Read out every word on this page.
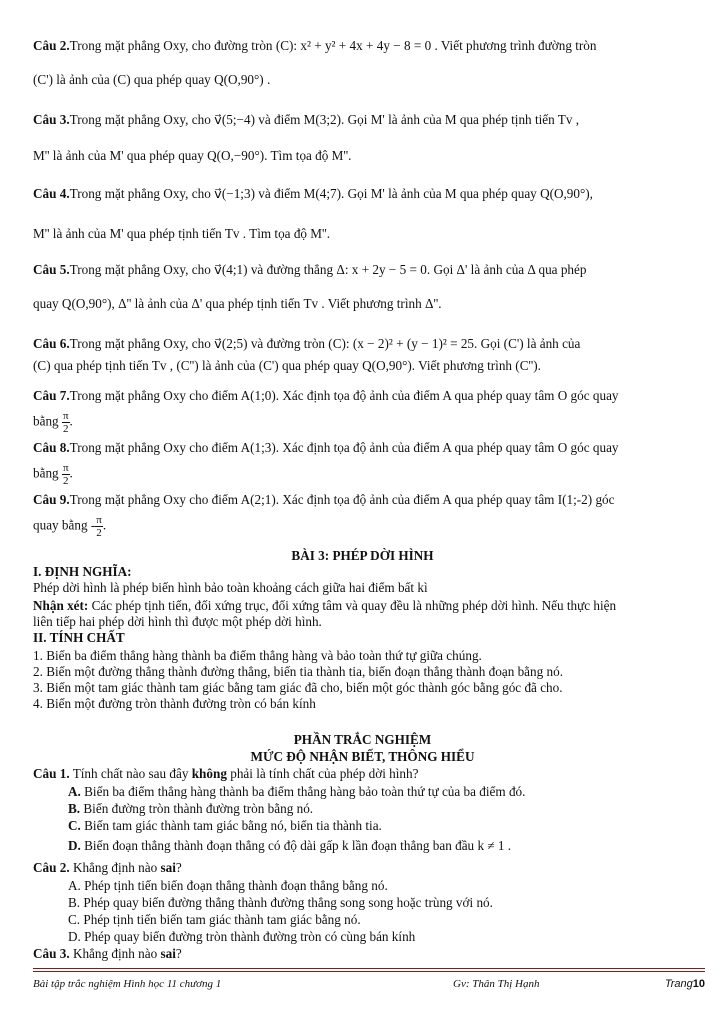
Câu 2.Trong mặt phẳng Oxy, cho đường tròn (C): x² + y² + 4x + 4y − 8 = 0 . Viết phương trình đường tròn
(C') là ảnh của (C) qua phép quay Q(O,90°) .
Câu 3.Trong mặt phẳng Oxy, cho v⃗(5;−4) và điểm M(3;2). Gọi M' là ảnh của M qua phép tịnh tiến Tv ,
M'' là ảnh của M' qua phép quay Q(O,−90°). Tìm tọa độ M''.
Câu 4.Trong mặt phẳng Oxy, cho v⃗(−1;3) và điểm M(4;7). Gọi M' là ảnh của M qua phép quay Q(O,90°),
M'' là ảnh của M' qua phép tịnh tiến Tv . Tìm tọa độ M''.
Câu 5.Trong mặt phẳng Oxy, cho v⃗(4;1) và đường thẳng Δ: x + 2y − 5 = 0. Gọi Δ' là ảnh của Δ qua phép
quay Q(O,90°), Δ'' là ảnh của Δ' qua phép tịnh tiến Tv . Viết phương trình Δ''.
Câu 6.Trong mặt phẳng Oxy, cho v⃗(2;5) và đường tròn (C): (x − 2)² + (y − 1)² = 25. Gọi (C') là ảnh của
(C) qua phép tịnh tiến Tv , (C'') là ảnh của (C') qua phép quay Q(O,90°). Viết phương trình (C'').
Câu 7.Trong mặt phẳng Oxy cho điểm A(1;0). Xác định tọa độ ảnh của điểm A qua phép quay tâm O góc quay
bằng $\frac{\pi}{2}$ .
Câu 8.Trong mặt phẳng Oxy cho điểm A(1;3). Xác định tọa độ ảnh của điểm A qua phép quay tâm O góc quay
bằng $\frac{\pi}{2}$ .
Câu 9.Trong mặt phẳng Oxy cho điểm A(2;1). Xác định tọa độ ảnh của điểm A qua phép quay tâm I(1;-2) góc
quay bằng - $\frac{\pi}{2}$ .
BÀI 3: PHÉP DỜI HÌNH
I. ĐỊNH NGHĨA:
Phép dời hình là phép biến hình bảo toàn khoảng cách giữa hai điểm bất kì
Nhận xét: Các phép tịnh tiến, đối xứng trục, đối xứng tâm và quay đều là những phép dời hình. Nếu thực hiện
liên tiếp hai phép dời hình thì được một phép dời hình.
II. TÍNH CHẤT
1. Biến ba điểm thẳng hàng thành ba điểm thẳng hàng và bảo toàn thứ tự giữa chúng.
2. Biến một đường thẳng thành đường thẳng, biến tia thành tia, biến đoạn thẳng thành đoạn bằng nó.
3. Biến một tam giác thành tam giác bằng tam giác đã cho, biến một góc thành góc bằng góc đã cho.
4. Biến một đường tròn thành đường tròn có bán kính
PHẦN TRẮC NGHIỆM
MỨC ĐỘ NHẬN BIẾT, THÔNG HIỂU
Câu 1. Tính chất nào sau đây không phải là tính chất của phép dời hình?
A. Biến ba điểm thẳng hàng thành ba điểm thẳng hàng bảo toàn thứ tự của ba điểm đó.
B. Biến đường tròn thành đường tròn bằng nó.
C. Biến tam giác thành tam giác bằng nó, biến tia thành tia.
D. Biến đoạn thẳng thành đoạn thẳng có độ dài gấp k lần đoạn thẳng ban đầu k ≠ 1 .
Câu 2. Khẳng định nào sai?
A. Phép tịnh tiến biến đoạn thẳng thành đoạn thẳng bằng nó.
B. Phép quay biến đường thẳng thành đường thẳng song song hoặc trùng với nó.
C. Phép tịnh tiến biến tam giác thành tam giác bằng nó.
D. Phép quay biến đường tròn thành đường tròn có cùng bán kính
Câu 3. Khẳng định nào sai?
Bài tập trắc nghiệm Hình học 11 chương 1	Gv: Thân Thị Hạnh	Trang10
